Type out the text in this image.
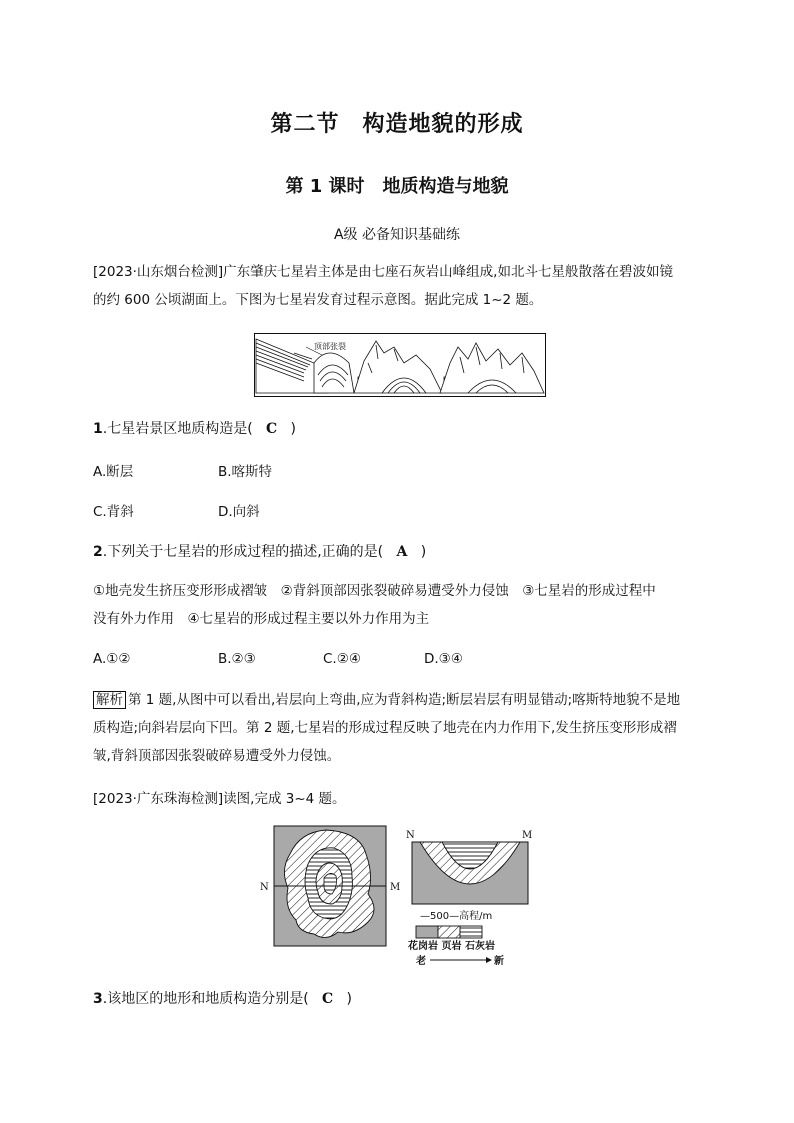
第二节　构造地貌的形成
第 1 课时　地质构造与地貌
A级 必备知识基础练
[2023·山东烟台检测]广东肇庆七星岩主体是由七座石灰岩山峰组成,如北斗七星般散落在碧波如镜
的约 600 公顷湖面上。下图为七星岩发育过程示意图。据此完成 1~2 题。
顶部张裂
1.七星岩景区地质构造是( C )
A.断层	B.喀斯特
C.背斜	D.向斜
2.下列关于七星岩的形成过程的描述,正确的是( A )
①地壳发生挤压变形形成褶皱　②背斜顶部因张裂破碎易遭受外力侵蚀　③七星岩的形成过程中
没有外力作用　④七星岩的形成过程主要以外力作用为主
A.①②	B.②③	C.②④	D.③④
解析 第 1 题,从图中可以看出,岩层向上弯曲,应为背斜构造;断层岩层有明显错动;喀斯特地貌不是地
质构造;向斜岩层向下凹。第 2 题,七星岩的形成过程反映了地壳在内力作用下,发生挤压变形形成褶
皱,背斜顶部因张裂破碎易遭受外力侵蚀。
[2023·广东珠海检测]读图,完成 3~4 题。
N	M
N	M
—500—高程/m
花岗岩 页岩 石灰岩
老	新
3.该地区的地形和地质构造分别是( C )
